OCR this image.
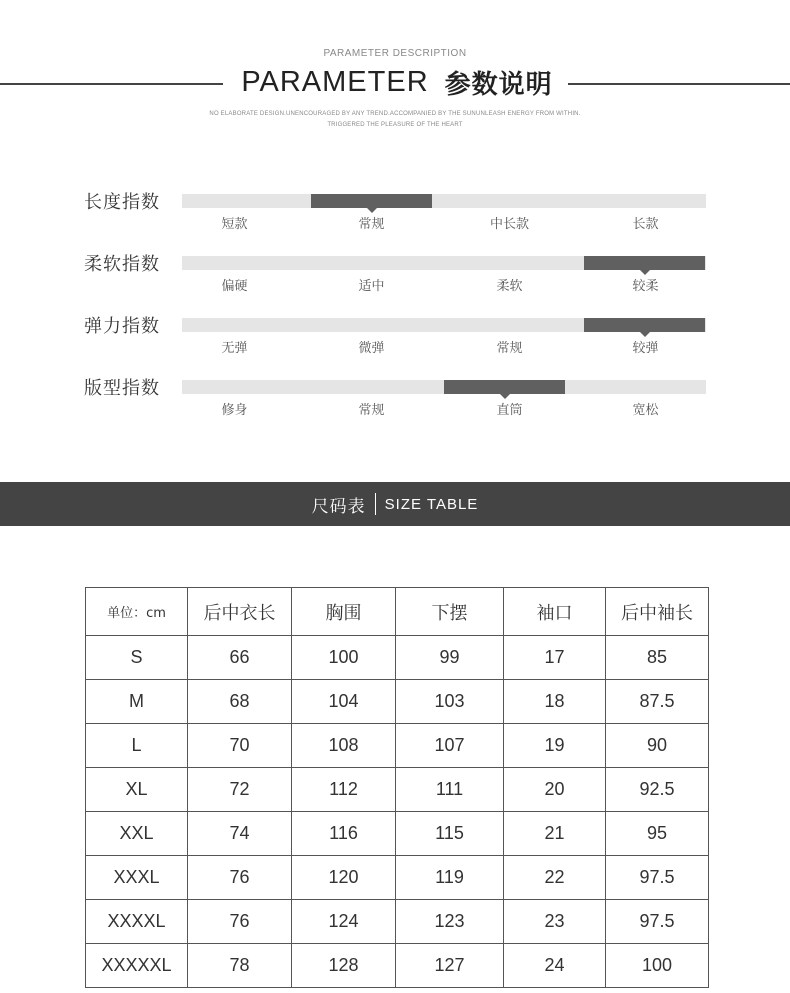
PARAMETER DESCRIPTION
PARAMETER 参数说明
NO ELABORATE DESIGN.UNENCOURAGED BY ANY TREND.ACCOMPANIED BY THE SUNUNLEASH ENERGY FROM WITHIN.
TRIGGERED THE PLEASURE OF THE HEART
长度指数
短款	常规	中长款	长款
柔软指数
偏硬	适中	柔软	较柔
弹力指数
无弹	微弹	常规	较弹
版型指数
修身	常规	直筒	宽松
尺码表 SIZE TABLE
单位：cm	后中衣长	胸围	下摆	袖口	后中袖长
S	66	100	99	17	85
M	68	104	103	18	87.5
L	70	108	107	19	90
XL	72	112	111	20	92.5
XXL	74	116	115	21	95
XXXL	76	120	119	22	97.5
XXXXL	76	124	123	23	97.5
XXXXXL	78	128	127	24	100
